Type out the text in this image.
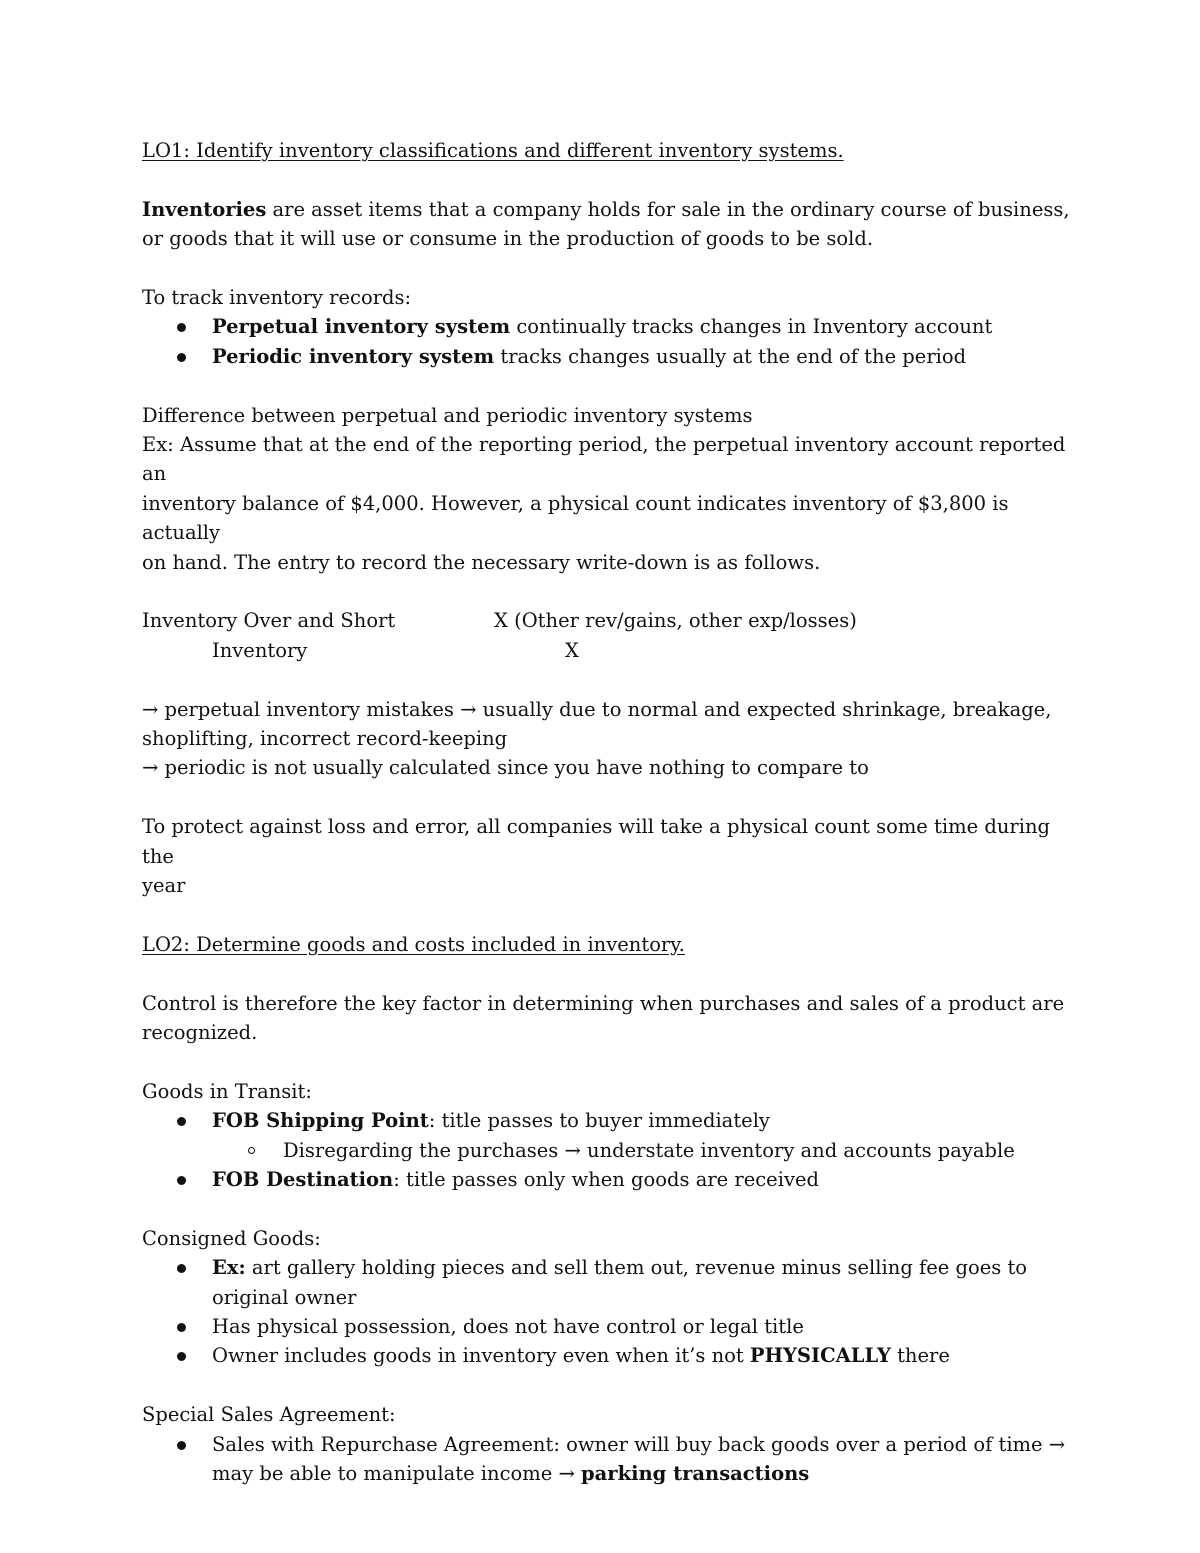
LO1: Identify inventory classifications and different inventory systems.

Inventories are asset items that a company holds for sale in the ordinary course of business,
or goods that it will use or consume in the production of goods to be sold.

To track inventory records:

Perpetual inventory system continually tracks changes in Inventory account
Periodic inventory system tracks changes usually at the end of the period

Difference between perpetual and periodic inventory systems

Ex: Assume that at the end of the reporting period, the perpetual inventory account reported an
inventory balance of $4,000. However, a physical count indicates inventory of $3,800 is actually
on hand. The entry to record the necessary write-down is as follows.

Inventory Over and Short	X (Other rev/gains, other exp/losses)
Inventory	X

→ perpetual inventory mistakes → usually due to normal and expected shrinkage, breakage,
shoplifting, incorrect record-keeping

→ periodic is not usually calculated since you have nothing to compare to

To protect against loss and error, all companies will take a physical count some time during the
year

LO2: Determine goods and costs included in inventory.

Control is therefore the key factor in determining when purchases and sales of a product are
recognized.

Goods in Transit:

FOB Shipping Point: title passes to buyer immediately
Disregarding the purchases → understate inventory and accounts payable
FOB Destination: title passes only when goods are received

Consigned Goods:

Ex: art gallery holding pieces and sell them out, revenue minus selling fee goes to
original owner
Has physical possession, does not have control or legal title
Owner includes goods in inventory even when it’s not PHYSICALLY there

Special Sales Agreement:

Sales with Repurchase Agreement: owner will buy back goods over a period of time →
may be able to manipulate income → parking transactions
